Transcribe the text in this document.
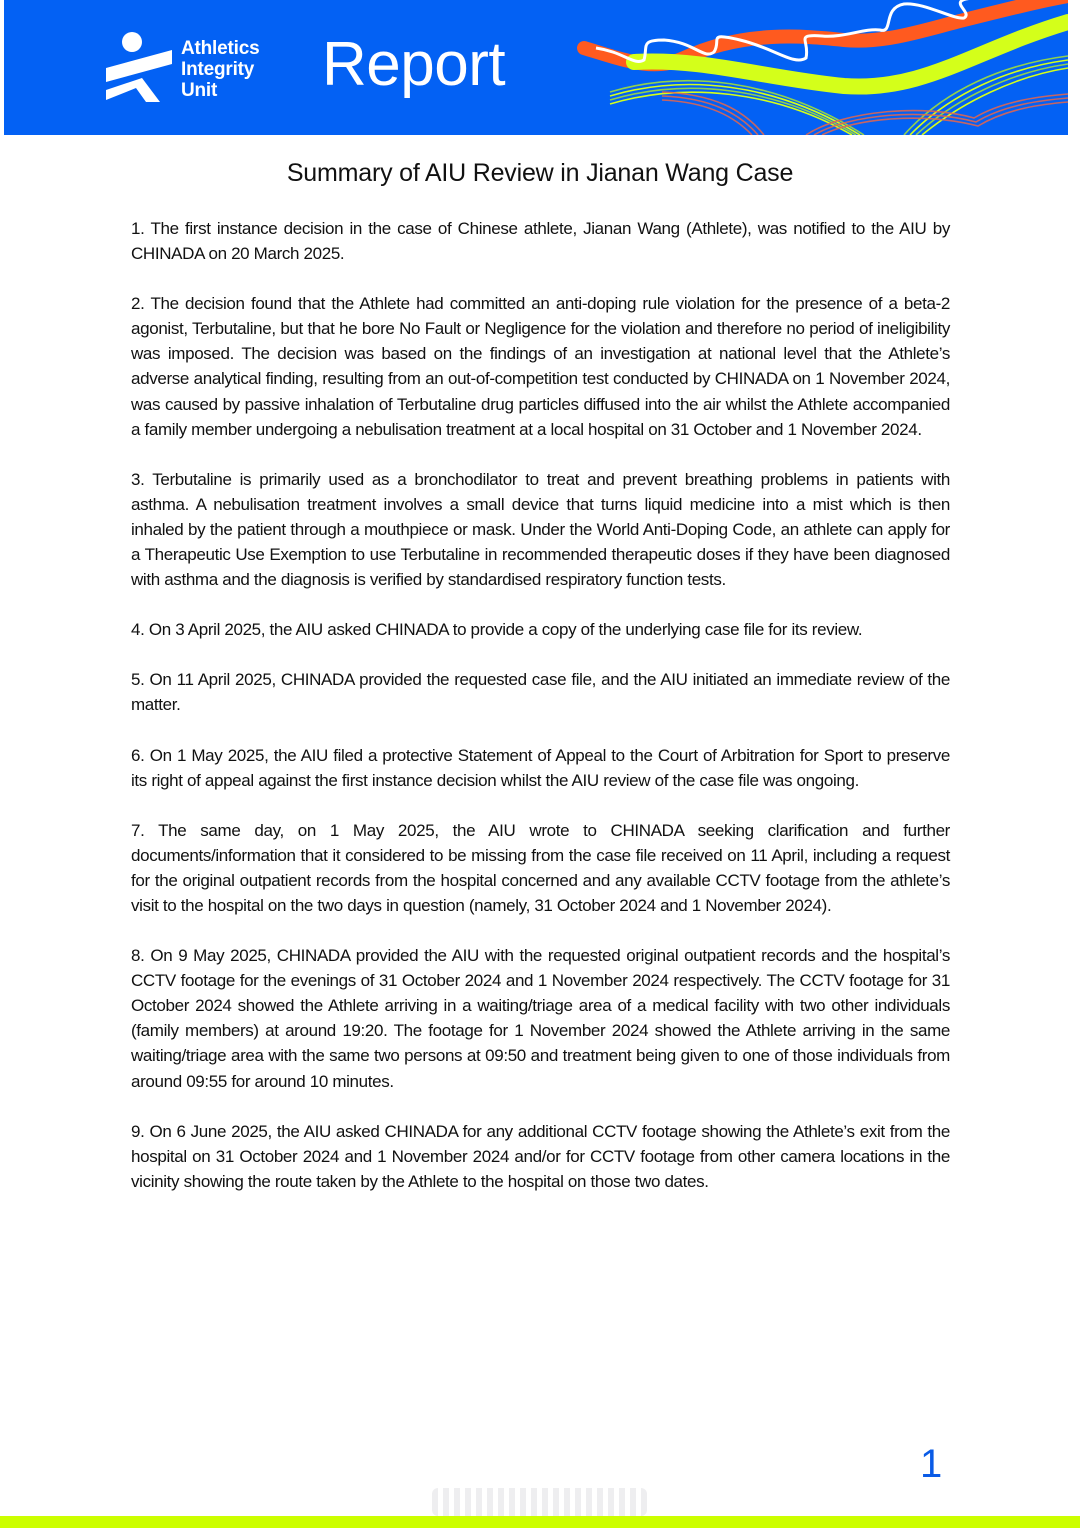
Athletics
Integrity
Unit	Report
Summary of AIU Review in Jianan Wang Case

1. The first instance decision in the case of Chinese athlete, Jianan Wang (Athlete), was notified to the AIU by CHINADA on 20 March 2025.

2. The decision found that the Athlete had committed an anti-doping rule violation for the presence of a beta-2 agonist, Terbutaline, but that he bore No Fault or Negligence for the violation and therefore no period of ineligibility was imposed. The decision was based on the findings of an investigation at national level that the Athlete’s adverse analytical finding, resulting from an out-of-competition test conducted by CHINADA on 1 November 2024, was caused by passive inhalation of Terbutaline drug particles diffused into the air whilst the Athlete accompanied a family member undergoing a nebulisation treatment at a local hospital on 31 October and 1 November 2024.

3. Terbutaline is primarily used as a bronchodilator to treat and prevent breathing problems in patients with asthma. A nebulisation treatment involves a small device that turns liquid medicine into a mist which is then inhaled by the patient through a mouthpiece or mask. Under the World Anti-Doping Code, an athlete can apply for a Therapeutic Use Exemption to use Terbutaline in recommended therapeutic doses if they have been diagnosed with asthma and the diagnosis is verified by standardised respiratory function tests.

4. On 3 April 2025, the AIU asked CHINADA to provide a copy of the underlying case file for its review.

5. On 11 April 2025, CHINADA provided the requested case file, and the AIU initiated an immediate review of the matter.

6. On 1 May 2025, the AIU filed a protective Statement of Appeal to the Court of Arbitration for Sport to preserve its right of appeal against the first instance decision whilst the AIU review of the case file was ongoing.

7. The same day, on 1 May 2025, the AIU wrote to CHINADA seeking clarification and further documents/information that it considered to be missing from the case file received on 11 April, including a request for the original outpatient records from the hospital concerned and any available CCTV footage from the athlete’s visit to the hospital on the two days in question (namely, 31 October 2024 and 1 November 2024).

8. On 9 May 2025, CHINADA provided the AIU with the requested original outpatient records and the hospital’s CCTV footage for the evenings of 31 October 2024 and 1 November 2024 respectively. The CCTV footage for 31 October 2024 showed the Athlete arriving in a waiting/triage area of a medical facility with two other individuals (family members) at around 19:20. The footage for 1 November 2024 showed the Athlete arriving in the same waiting/triage area with the same two persons at 09:50 and treatment being given to one of those individuals from around 09:55 for around 10 minutes.

9. On 6 June 2025, the AIU asked CHINADA for any additional CCTV footage showing the Athlete’s exit from the hospital on 31 October 2024 and 1 November 2024 and/or for CCTV footage from other camera locations in the vicinity showing the route taken by the Athlete to the hospital on those two dates.

1
